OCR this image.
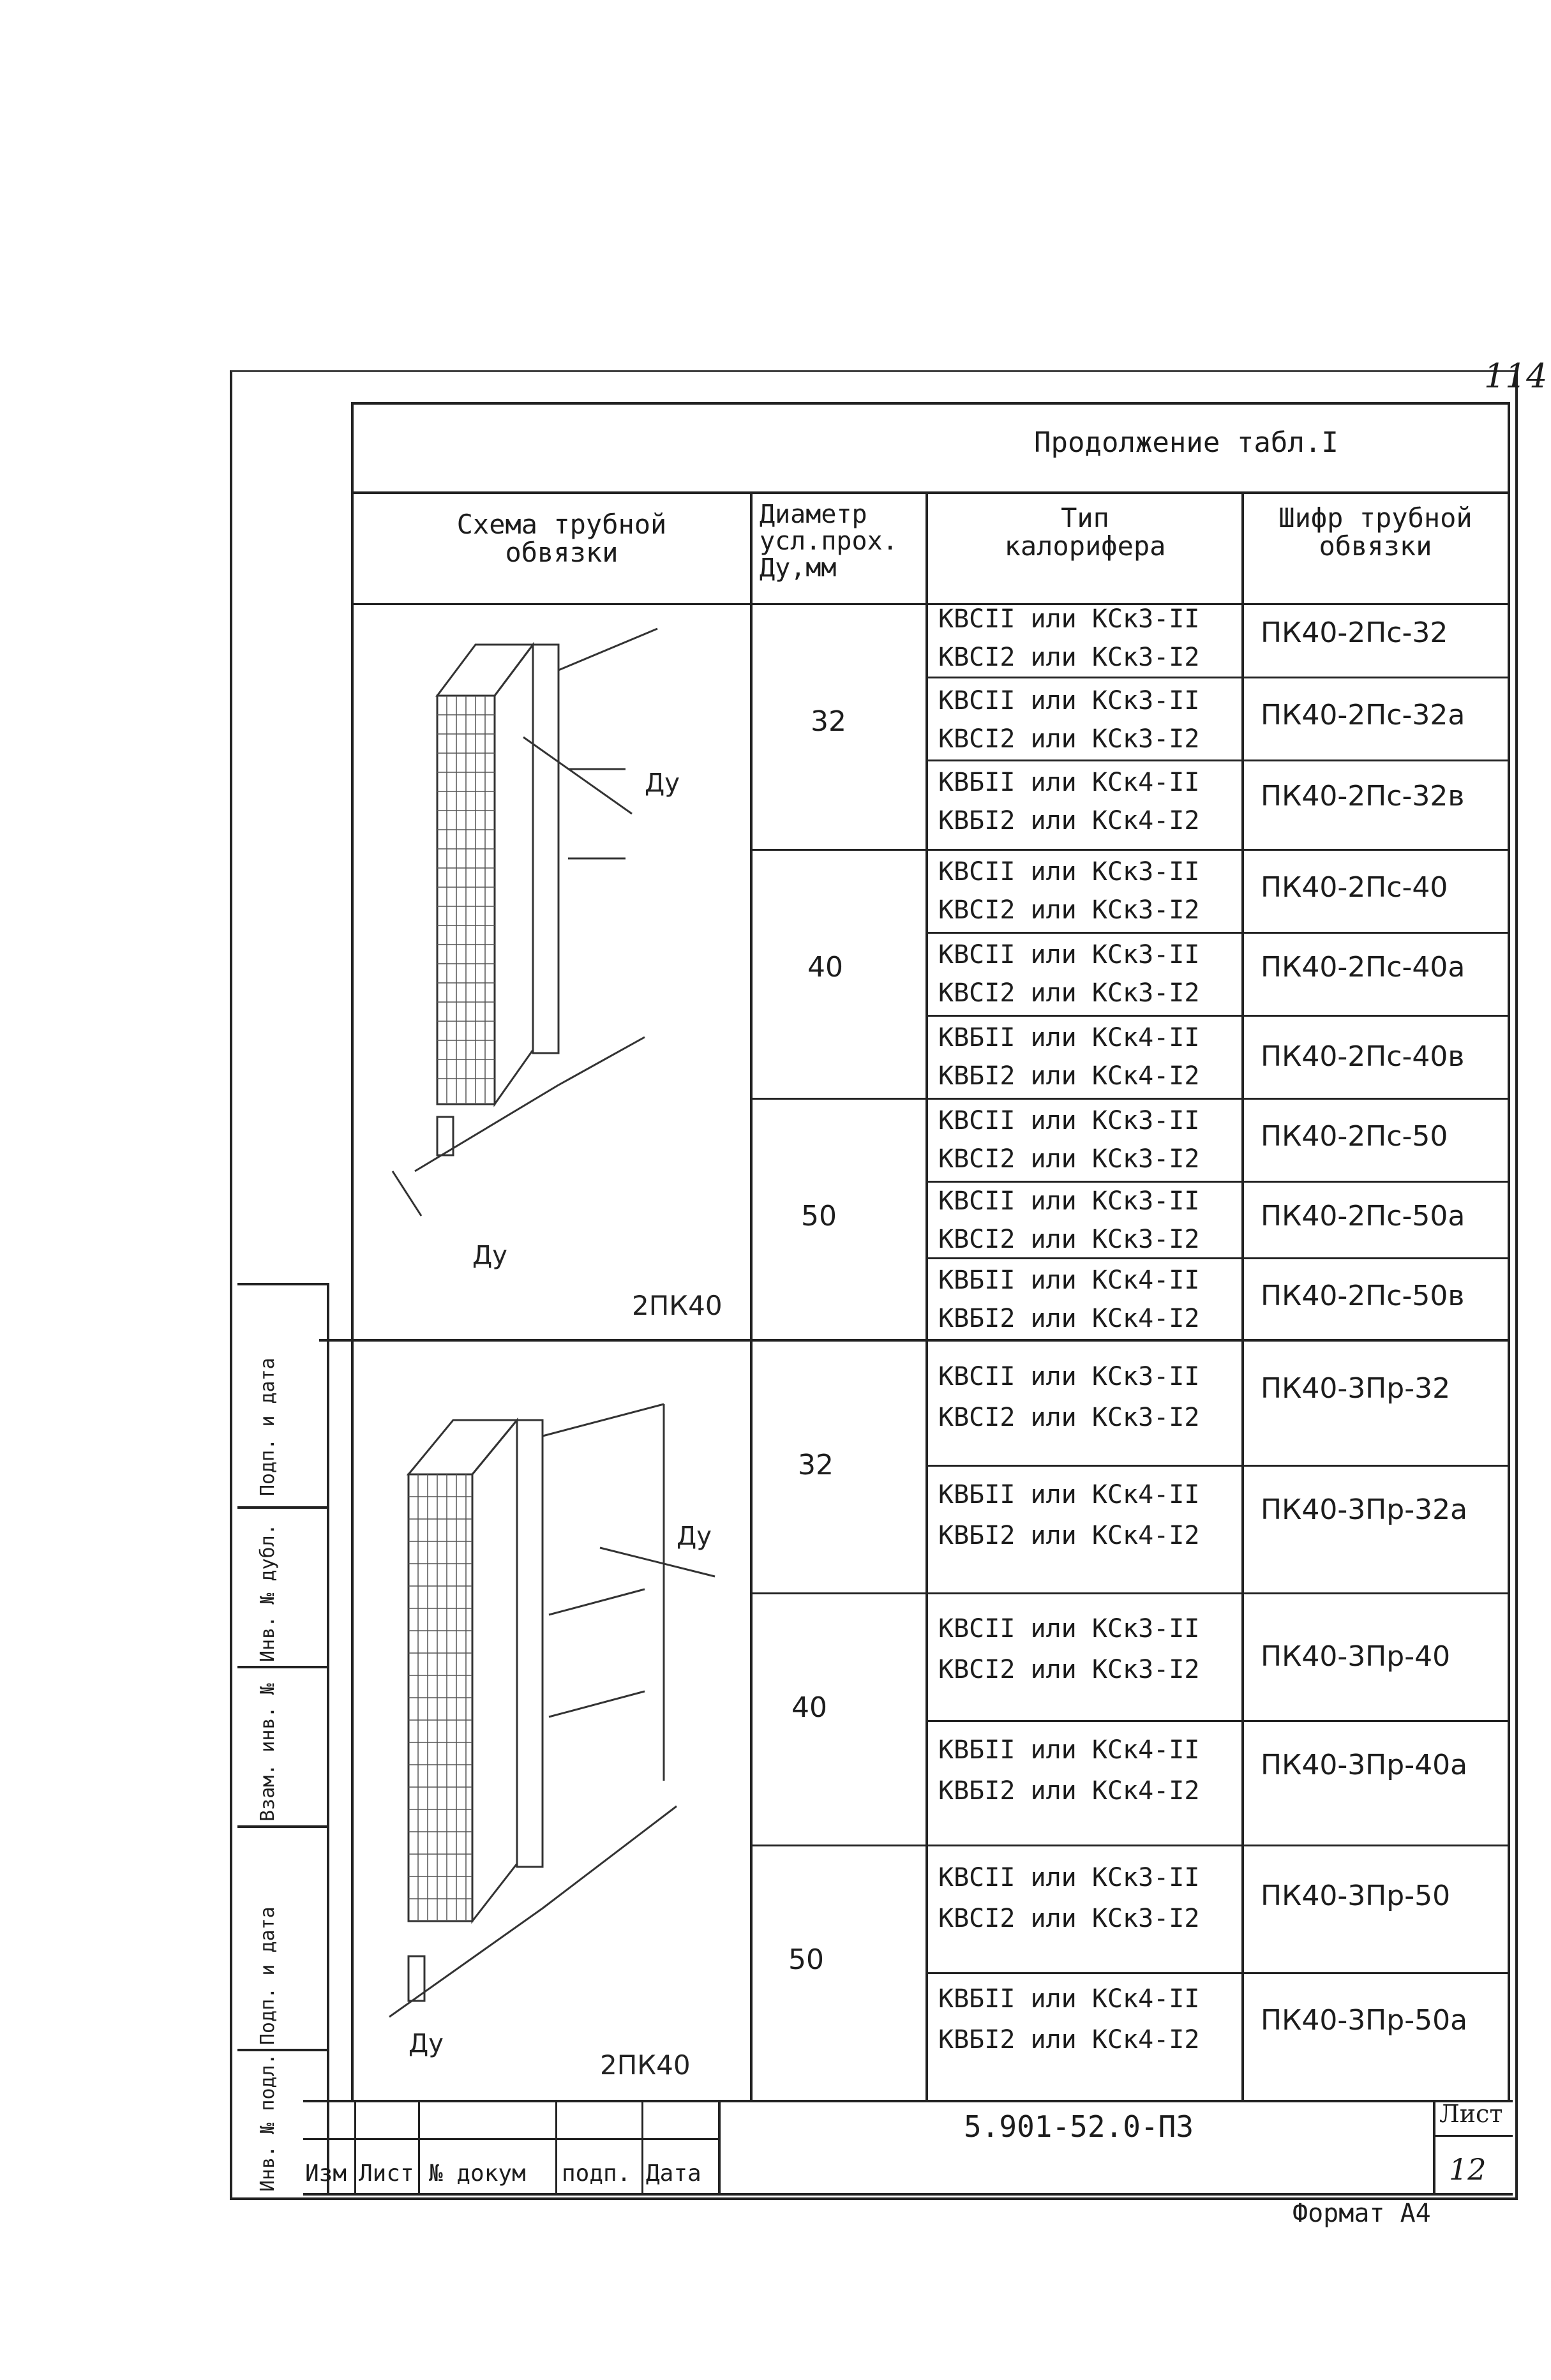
114
Продолжение табл.I
Схема трубной
обвязки
Диаметр
усл.прох.
Ду,мм
Тип
калорифера
Шифр трубной
обвязки
32
40
50
КВСII или КСк3-II
КВСI2 или КСк3-I2
ПК40-2Пс-32
КВСII или КСк3-II
КВСI2 или КСк3-I2
ПК40-2Пс-32а
КВБII или КСк4-II
КВБI2 или КСк4-I2
ПК40-2Пс-32в
КВСII или КСк3-II
КВСI2 или КСк3-I2
ПК40-2Пс-40
КВСII или КСк3-II
КВСI2 или КСк3-I2
ПК40-2Пс-40а
КВБII или КСк4-II
КВБI2 или КСк4-I2
ПК40-2Пс-40в
КВСII или КСк3-II
КВСI2 или КСк3-I2
ПК40-2Пс-50
КВСII или КСк3-II
КВСI2 или КСк3-I2
ПК40-2Пс-50а
КВБII или КСк4-II
КВБI2 или КСк4-I2
ПК40-2Пс-50в
32
40
50
КВСII или КСк3-II
КВСI2 или КСк3-I2
ПК40-3Пр-32
КВБII или КСк4-II
КВБI2 или КСк4-I2
ПК40-3Пр-32а
КВСII или КСк3-II
КВСI2 или КСк3-I2	ПК40-3Пр-40
КВБII или КСк4-II
КВБI2 или КСк4-I2
ПК40-3Пр-40а
КВСII или КСк3-II
КВСI2 или КСк3-I2
ПК40-3Пр-50
КВБII или КСк4-II
КВБI2 или КСк4-I2
ПК40-3Пр-50а
Ду
Ду
2ПК40
Ду
Ду
2ПК40
Подп. и дата
Инв. № дубл.
Взам. инв. №
Подп. и дата
Инв. № подл. Изм Лист № докум подп. Дата
5.901-52.0-ПЗ	Лист
12
Формат А4
